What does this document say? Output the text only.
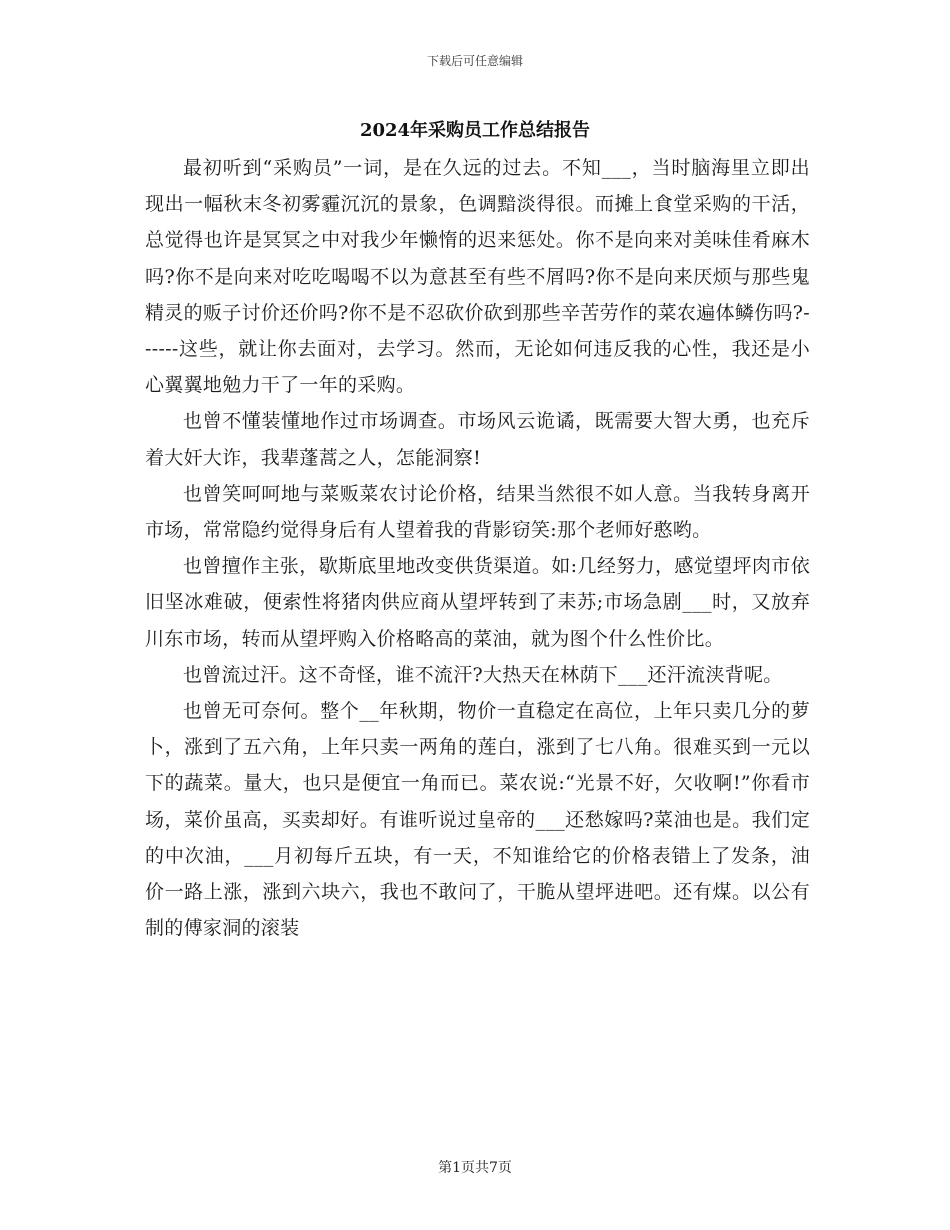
下载后可任意编辑
2024年采购员工作总结报告

最初听到“采购员”一词，是在久远的过去。不知___，当时脑海里立即出现出一幅秋末冬初雾霾沉沉的景象，色调黯淡得很。而摊上食堂采购的干活，总觉得也许是冥冥之中对我少年懒惰的迟来惩处。你不是向来对美味佳肴麻木吗?你不是向来对吃吃喝喝不以为意甚至有些不屑吗?你不是向来厌烦与那些鬼精灵的贩子讨价还价吗?你不是不忍砍价砍到那些辛苦劳作的菜农遍体鳞伤吗?------这些，就让你去面对，去学习。然而，无论如何违反我的心性，我还是小心翼翼地勉力干了一年的采购。

也曾不懂装懂地作过市场调查。市场风云诡谲，既需要大智大勇，也充斥着大奸大诈，我辈蓬蒿之人，怎能洞察!

也曾笑呵呵地与菜贩菜农讨论价格，结果当然很不如人意。当我转身离开市场，常常隐约觉得身后有人望着我的背影窃笑:那个老师好憨哟。

也曾擅作主张，歇斯底里地改变供货渠道。如:几经努力，感觉望坪肉市依旧坚冰难破，便索性将猪肉供应商从望坪转到了耒苏;市场急剧___时，又放弃川东市场，转而从望坪购入价格略高的菜油，就为图个什么性价比。

也曾流过汗。这不奇怪，谁不流汗?大热天在林荫下___还汗流浃背呢。

也曾无可奈何。整个__年秋期，物价一直稳定在高位，上年只卖几分的萝卜，涨到了五六角，上年只卖一两角的莲白，涨到了七八角。很难买到一元以下的蔬菜。量大，也只是便宜一角而已。菜农说:“光景不好，欠收啊!”你看市场，菜价虽高，买卖却好。有谁听说过皇帝的___还愁嫁吗?菜油也是。我们定的中次油，___月初每斤五块，有一天，不知谁给它的价格表错上了发条，油价一路上涨，涨到六块六，我也不敢问了，干脆从望坪进吧。还有煤。以公有制的傅家洞的滚装

第1页共7页
